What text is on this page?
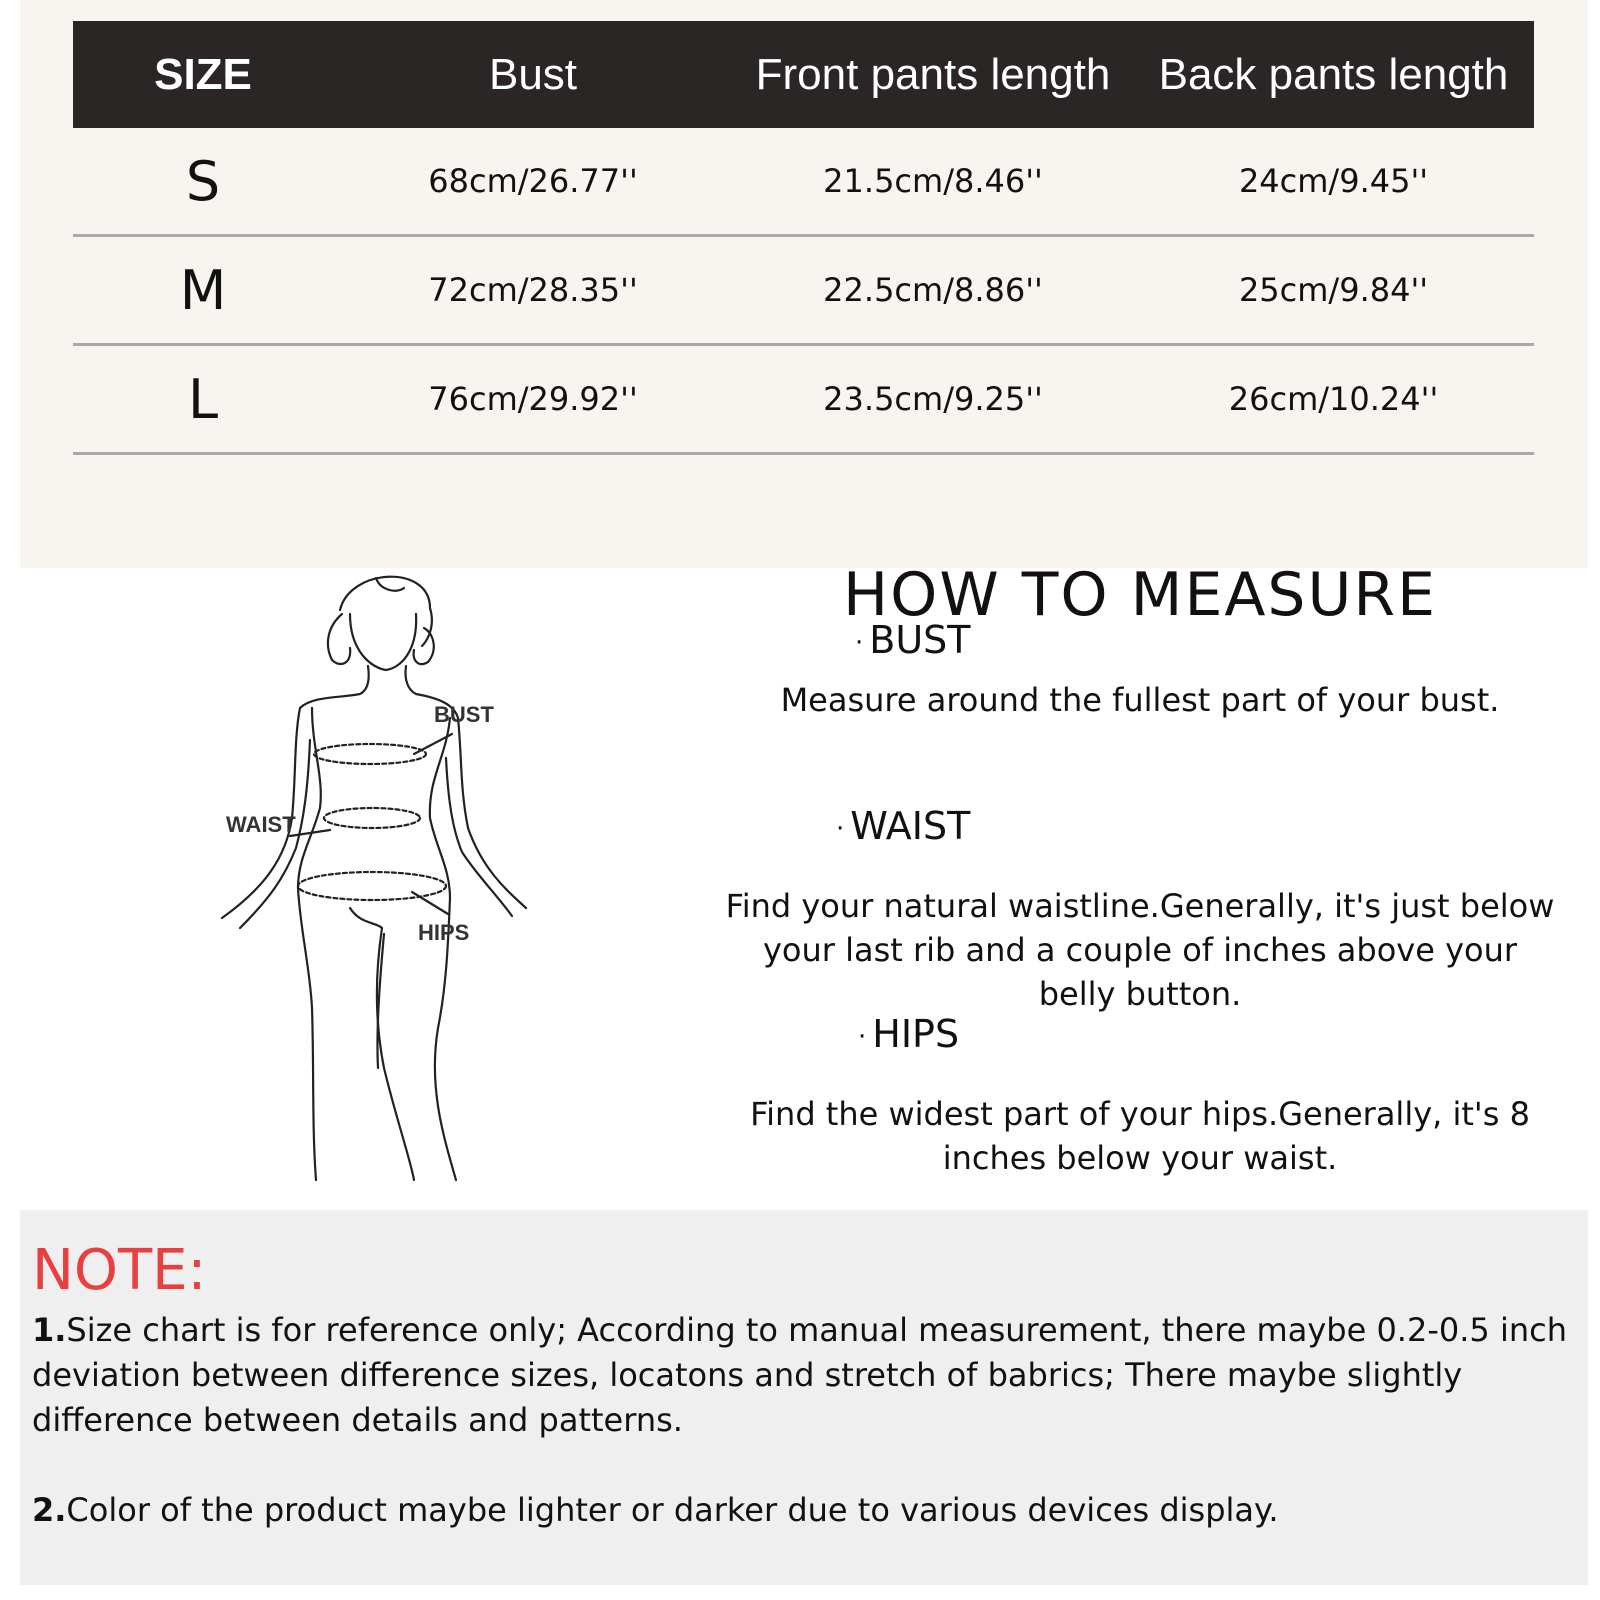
SIZE	Bust	Front pants length	Back pants length
S	68cm/26.77''	21.5cm/8.46''	24cm/9.45''
M	72cm/28.35''	22.5cm/8.86''	25cm/9.84''
L	76cm/29.92''	23.5cm/9.25''	26cm/10.24''
BUST
WAIST
HIPS
HOW TO MEASURE
· BUST
Measure around the fullest part of your bust.
· WAIST
Find your natural waistline.Generally, it's just below your last rib and a couple of inches above your belly button.
· HIPS
Find the widest part of your hips.Generally, it's 8 inches below your waist.
NOTE:
1.Size chart is for reference only; According to manual measurement, there maybe 0.2-0.5 inch deviation between difference sizes, locatons and stretch of babrics; There maybe slightly difference between details and patterns.
2.Color of the product maybe lighter or darker due to various devices display.
